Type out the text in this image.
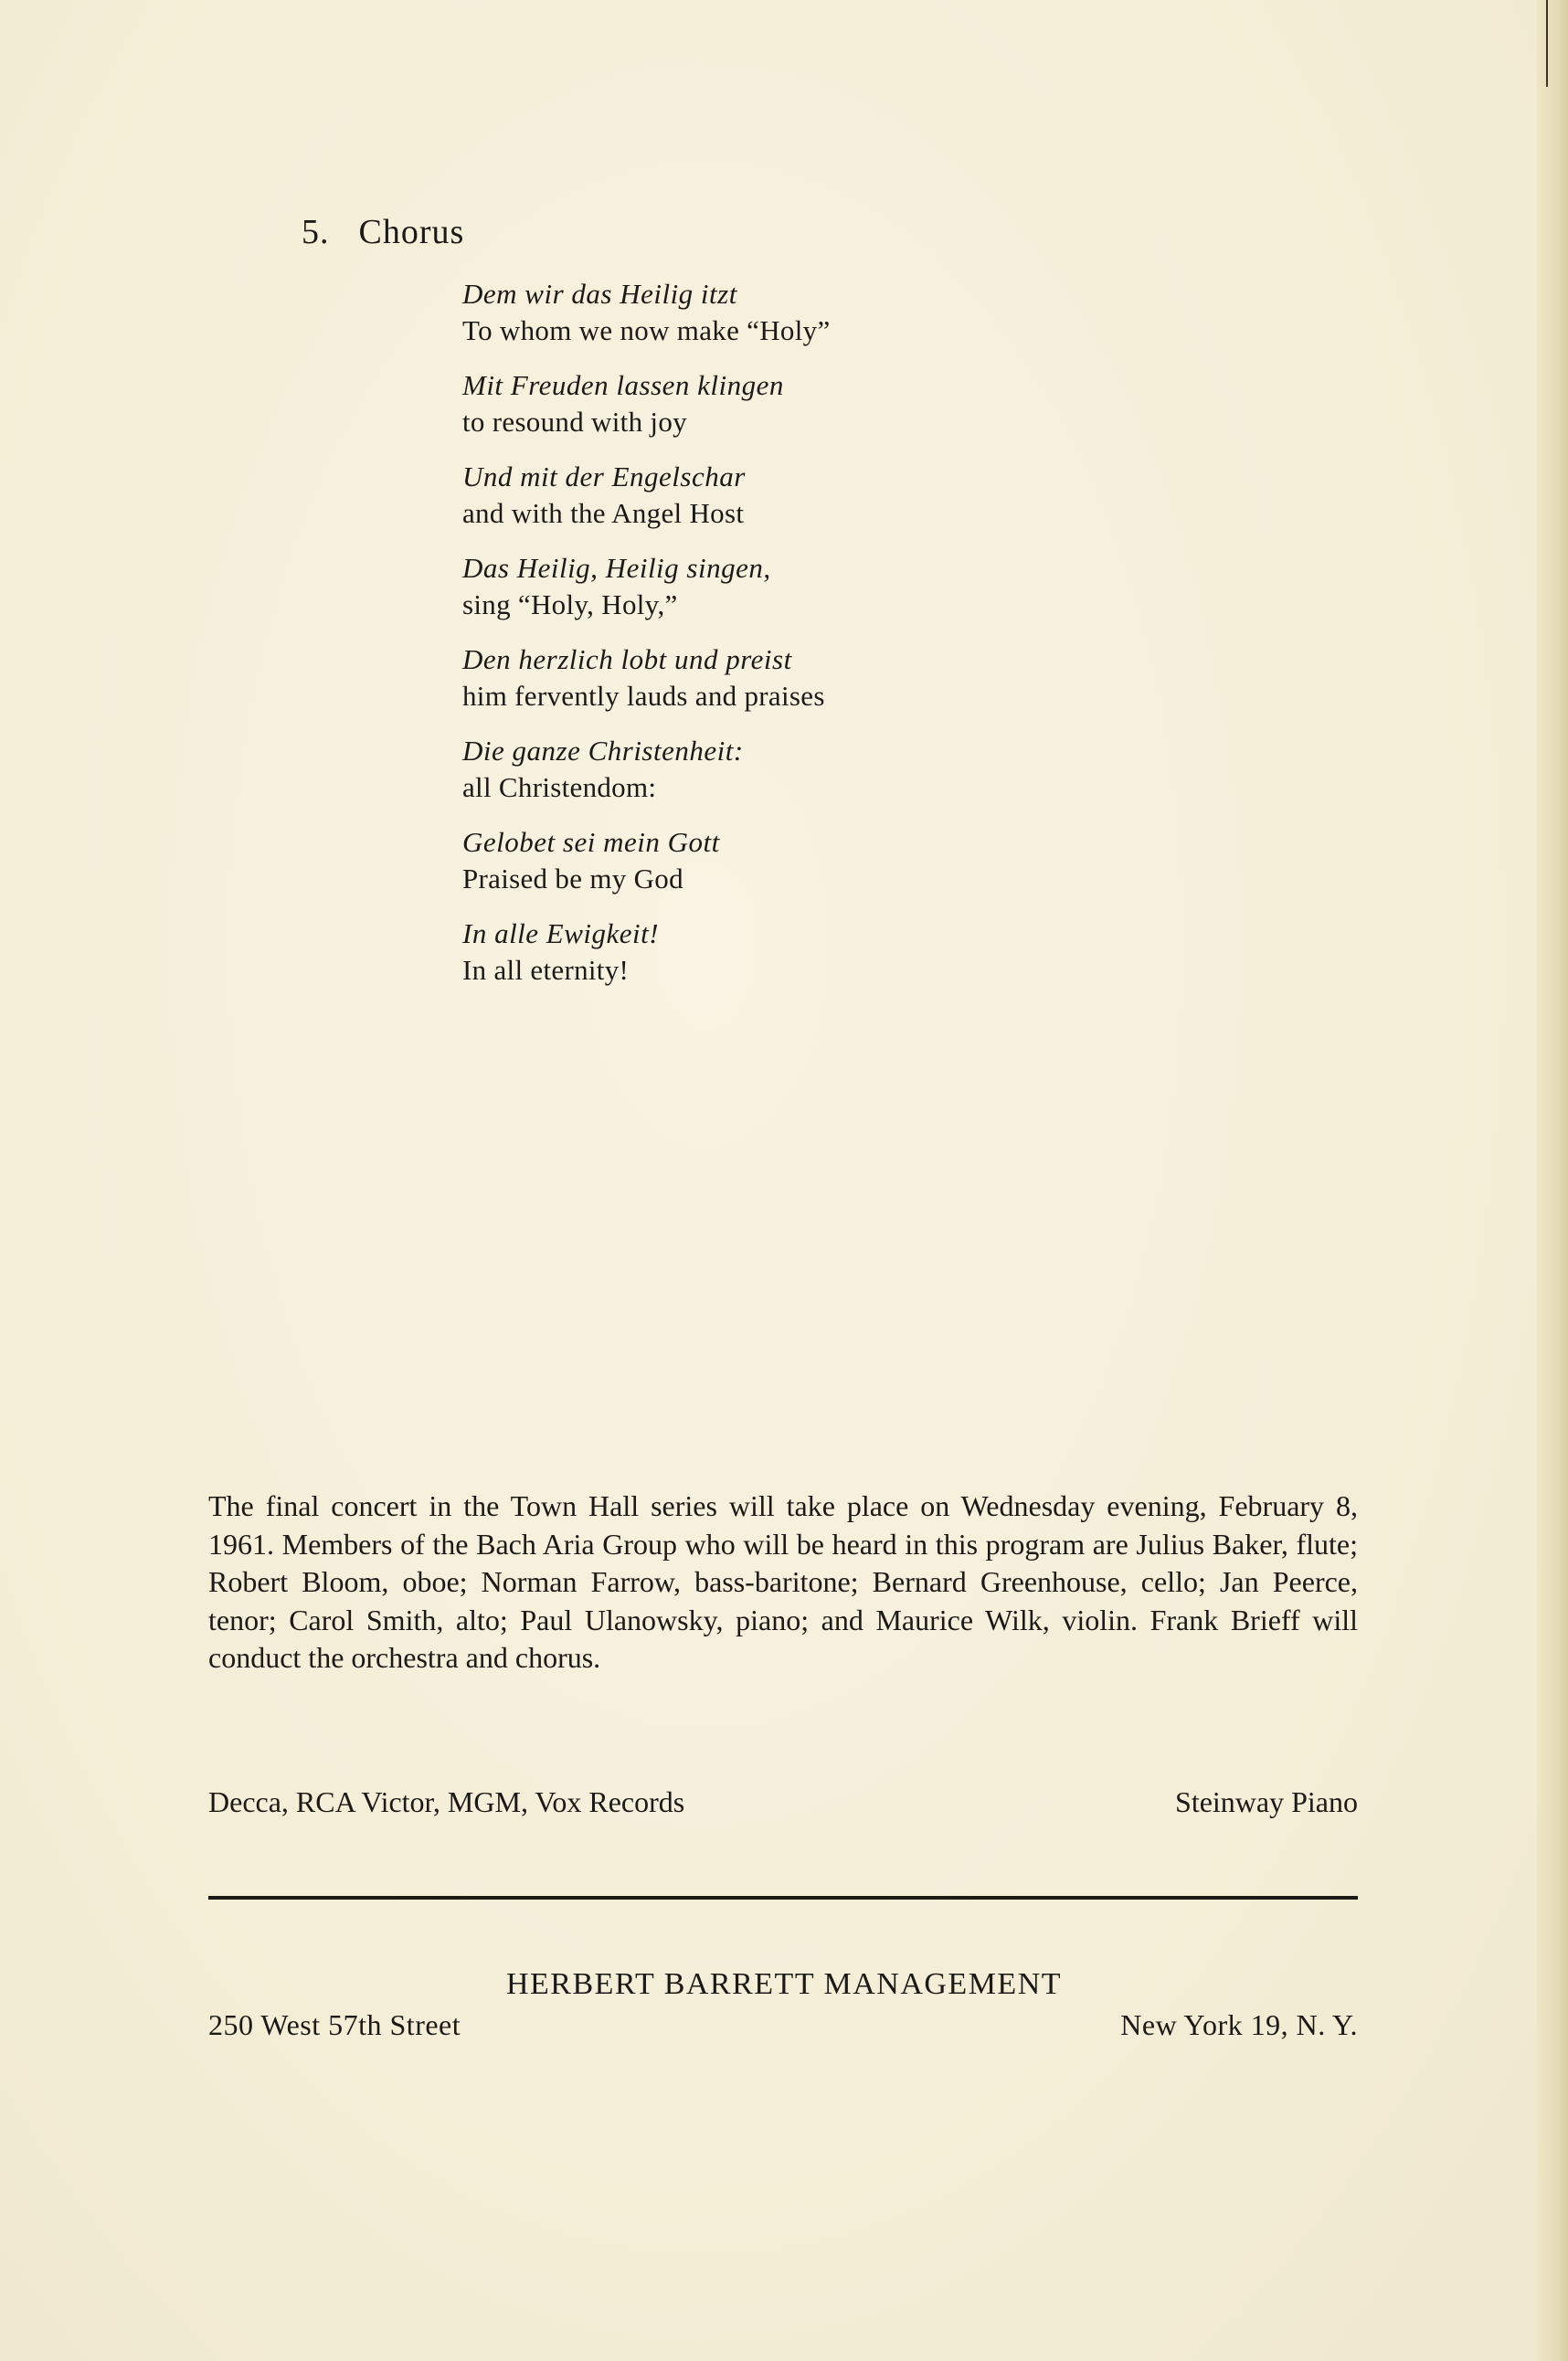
5. Chorus
Dem wir das Heilig itzt
To whom we now make “Holy”
Mit Freuden lassen klingen
to resound with joy
Und mit der Engelschar
and with the Angel Host
Das Heilig, Heilig singen,
sing “Holy, Holy,”
Den herzlich lobt und preist
him fervently lauds and praises
Die ganze Christenheit:
all Christendom:
Gelobet sei mein Gott
Praised be my God
In alle Ewigkeit!
In all eternity!

The final concert in the Town Hall series will take place on Wednesday evening, February 8, 1961. Members of the Bach Aria Group who will be heard in this program are Julius Baker, flute; Robert Bloom, oboe; Norman Farrow, bass-baritone; Bernard Greenhouse, cello; Jan Peerce, tenor; Carol Smith, alto; Paul Ulanowsky, piano; and Maurice Wilk, violin. Frank Brieff will conduct the orchestra and chorus.

Decca, RCA Victor, MGM, Vox Records	Steinway Piano
HERBERT BARRETT MANAGEMENT
250 West 57th Street	New York 19, N. Y.
